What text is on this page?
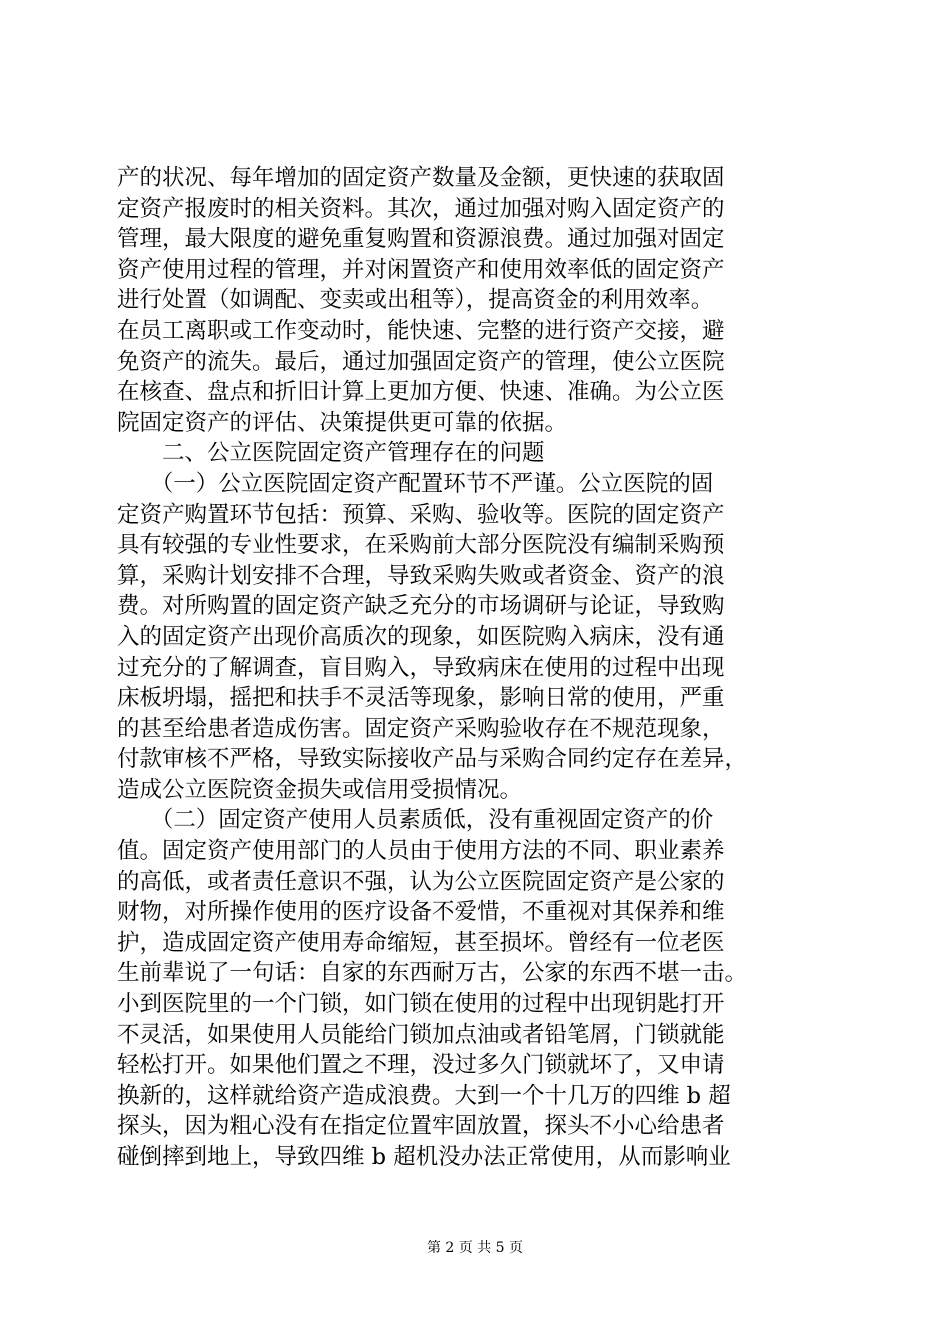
产的状况、每年增加的固定资产数量及金额，更快速的获取固
定资产报废时的相关资料。其次，通过加强对购入固定资产的
管理，最大限度的避免重复购置和资源浪费。通过加强对固定
资产使用过程的管理，并对闲置资产和使用效率低的固定资产
进行处置（如调配、变卖或出租等），提高资金的利用效率。
在员工离职或工作变动时，能快速、完整的进行资产交接，避
免资产的流失。最后，通过加强固定资产的管理，使公立医院
在核查、盘点和折旧计算上更加方便、快速、准确。为公立医
院固定资产的评估、决策提供更可靠的依据。
　　二、公立医院固定资产管理存在的问题
　　（一）公立医院固定资产配置环节不严谨。公立医院的固
定资产购置环节包括：预算、采购、验收等。医院的固定资产
具有较强的专业性要求，在采购前大部分医院没有编制采购预
算，采购计划安排不合理，导致采购失败或者资金、资产的浪
费。对所购置的固定资产缺乏充分的市场调研与论证，导致购
入的固定资产出现价高质次的现象，如医院购入病床，没有通
过充分的了解调查，盲目购入，导致病床在使用的过程中出现
床板坍塌，摇把和扶手不灵活等现象，影响日常的使用，严重
的甚至给患者造成伤害。固定资产采购验收存在不规范现象，
付款审核不严格，导致实际接收产品与采购合同约定存在差异，
造成公立医院资金损失或信用受损情况。
　　（二）固定资产使用人员素质低，没有重视固定资产的价
值。固定资产使用部门的人员由于使用方法的不同、职业素养
的高低，或者责任意识不强，认为公立医院固定资产是公家的
财物，对所操作使用的医疗设备不爱惜，不重视对其保养和维
护，造成固定资产使用寿命缩短，甚至损坏。曾经有一位老医
生前辈说了一句话：自家的东西耐万古，公家的东西不堪一击。
小到医院里的一个门锁，如门锁在使用的过程中出现钥匙打开
不灵活，如果使用人员能给门锁加点油或者铅笔屑，门锁就能
轻松打开。如果他们置之不理，没过多久门锁就坏了，又申请
换新的，这样就给资产造成浪费。大到一个十几万的四维 b 超
探头，因为粗心没有在指定位置牢固放置，探头不小心给患者
碰倒摔到地上，导致四维 b 超机没办法正常使用，从而影响业
第 2 页 共 5 页
